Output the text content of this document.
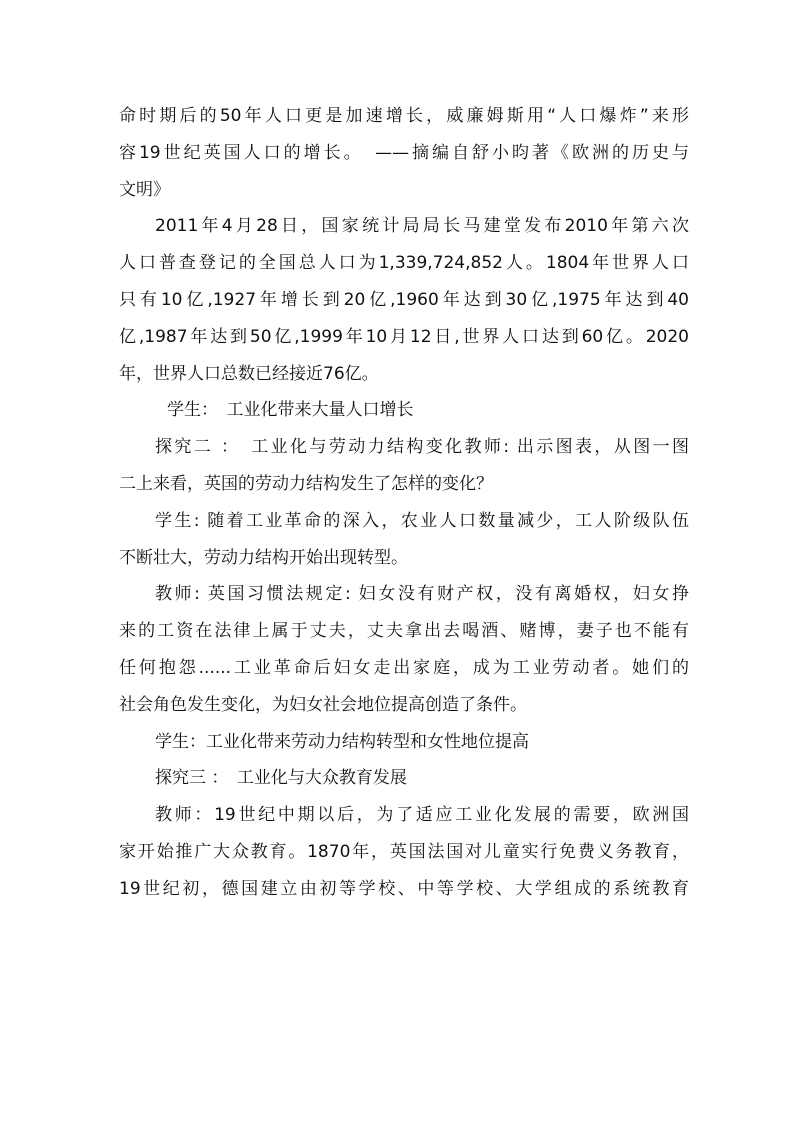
命时期后的50年人口更是加速增长，威廉姆斯用“人口爆炸”来形
容19世纪英国人口的增长。　——摘编自舒小昀著《欧洲的历史与
文明》
2011年4月28日，国家统计局局长马建堂发布2010年第六次
人口普查登记的全国总人口为1,339,724,852人。1804年世界人口
只有10亿,1927年增长到20亿,1960年达到30亿,1975年达到40
亿,1987年达到50亿,1999年10月12日,世界人口达到60亿。2020
年，世界人口总数已经接近76亿。
学生：　工业化带来大量人口增长
探究二 ：　工业化与劳动力结构变化教师: 出示图表，从图一图
二上来看，英国的劳动力结构发生了怎样的变化？
学生: 随着工业革命的深入，农业人口数量减少，工人阶级队伍
不断壮大，劳动力结构开始出现转型。
教师: 英国习惯法规定: 妇女没有财产权，没有离婚权，妇女挣
来的工资在法律上属于丈夫，丈夫拿出去喝酒、赌博，妻子也不能有
任何抱怨......工业革命后妇女走出家庭，成为工业劳动者。她们的
社会角色发生变化，为妇女社会地位提高创造了条件。
学生：工业化带来劳动力结构转型和女性地位提高
探究三 ：　工业化与大众教育发展
教师：19世纪中期以后，为了适应工业化发展的需要，欧洲国
家开始推广大众教育。1870年，英国法国对儿童实行免费义务教育，
19世纪初，德国建立由初等学校、中等学校、大学组成的系统教育
